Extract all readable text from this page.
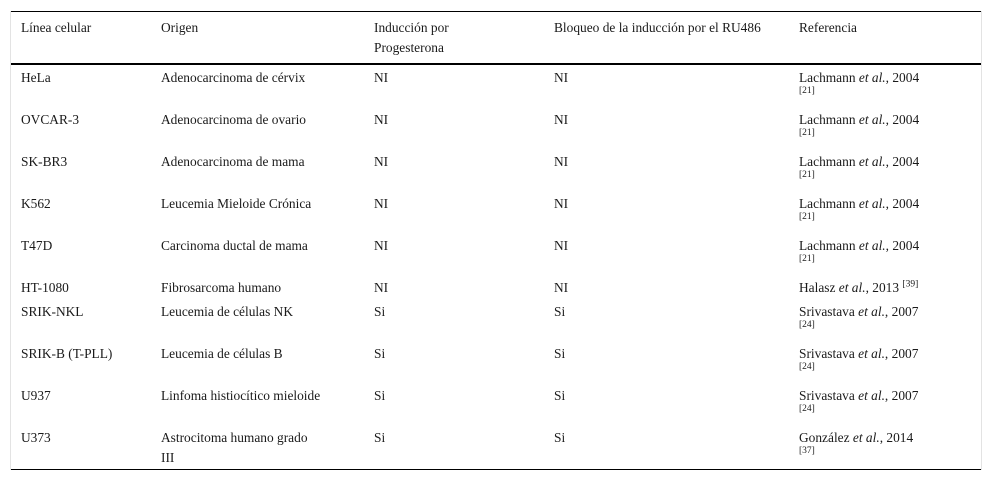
Línea celular	Origen	Inducción por Progesterona	Bloqueo de la inducción por el RU486	Referencia
HeLa	Adenocarcinoma de cérvix	NI	NI	Lachmann et al., 2004
[21]

OVCAR-3	Adenocarcinoma de ovario	NI	NI	Lachmann et al., 2004
[21]

SK-BR3	Adenocarcinoma de mama	NI	NI	Lachmann et al., 2004
[21]

K562	Leucemia Mieloide Crónica	NI	NI	Lachmann et al., 2004
[21]

T47D	Carcinoma ductal de mama	NI	NI	Lachmann et al., 2004
[21]

HT-1080	Fibrosarcoma humano	NI	NI	Halasz et al., 2013 [39]
SRIK-NKL	Leucemia de células NK	Si	Si	Srivastava et al., 2007
[24]

SRIK-B (T-PLL)	Leucemia de células B	Si	Si	Srivastava et al., 2007
[24]

U937	Linfoma histiocítico mieloide	Si	Si	Srivastava et al., 2007
[24]

U373	Astrocitoma humano grado III	Si	Si	González et al., 2014
[37]
